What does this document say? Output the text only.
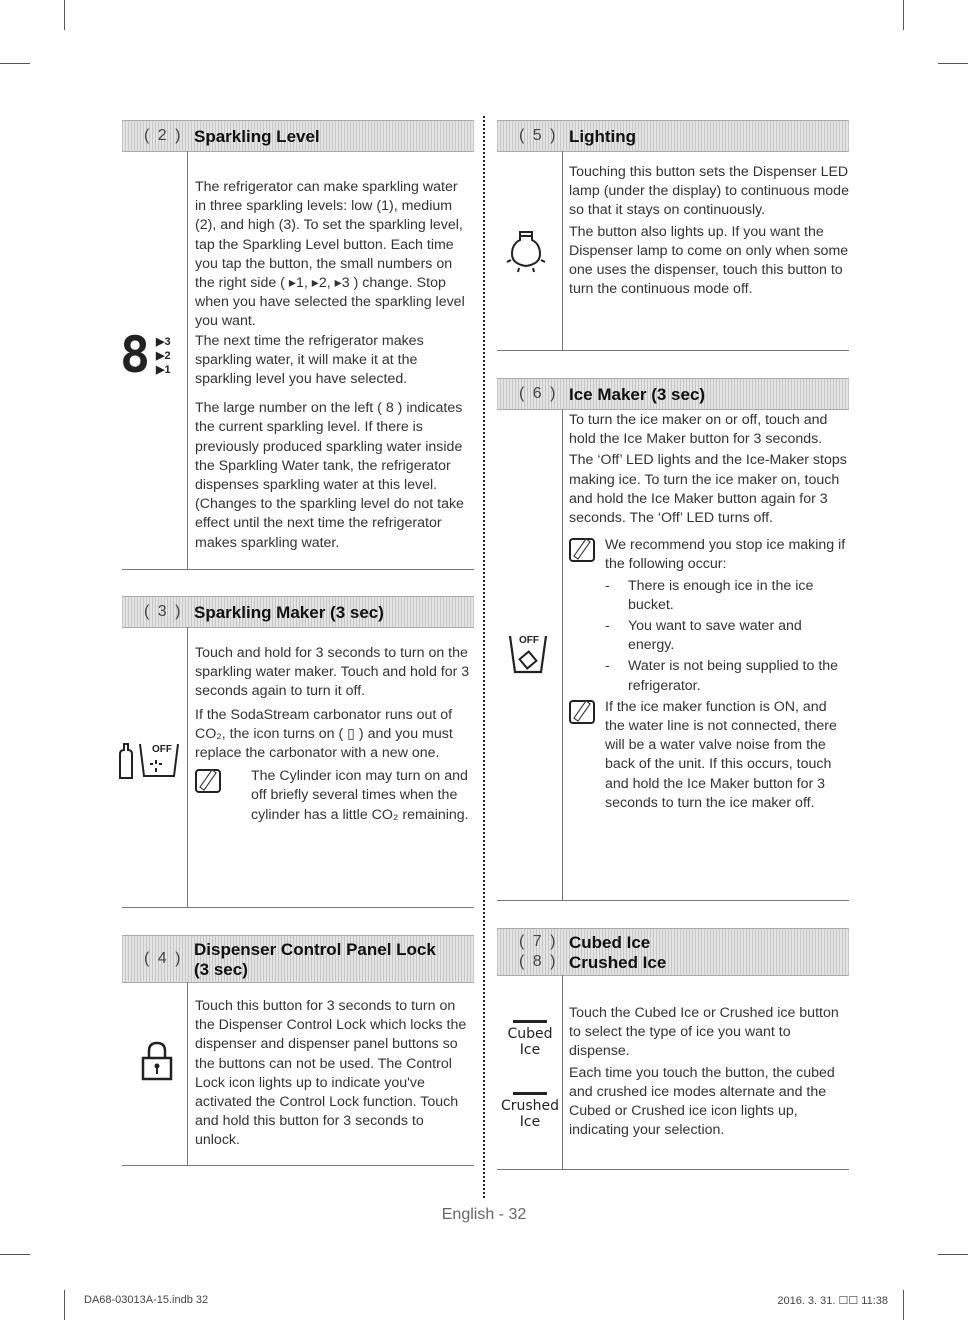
( 2 ) Sparkling Level
8 ▶3
▶2
▶1

The refrigerator can make sparkling water in three sparkling levels: low (1), medium (2), and high (3). To set the sparkling level, tap the Sparkling Level button. Each time you tap the button, the small numbers on the right side ( ▸1, ▸2, ▸3 ) change. Stop when you have selected the sparkling level you want.

The next time the refrigerator makes sparkling water, it will make it at the sparkling level you have selected.

The large number on the left ( 8 ) indicates the current sparkling level. If there is previously produced sparkling water inside the Sparkling Water tank, the refrigerator dispenses sparkling water at this level. (Changes to the sparkling level do not take effect until the next time the refrigerator makes sparkling water.

( 3 ) Sparkling Maker (3 sec)
OFF

Touch and hold for 3 seconds to turn on the sparkling water maker. Touch and hold for 3 seconds again to turn it off.

If the SodaStream carbonator runs out of CO₂, the icon turns on ( ▯ ) and you must replace the carbonator with a new one.

The Cylinder icon may turn on and off briefly several times when the cylinder has a little CO₂ remaining.

( 4 ) Dispenser Control Panel Lock
(3 sec)

Touch this button for 3 seconds to turn on the Dispenser Control Lock which locks the dispenser and dispenser panel buttons so the buttons can not be used. The Control Lock icon lights up to indicate you've activated the Control Lock function. Touch and hold this button for 3 seconds to unlock.

( 5 ) Lighting

Touching this button sets the Dispenser LED lamp (under the display) to continuous mode so that it stays on continuously.

The button also lights up. If you want the Dispenser lamp to come on only when some one uses the dispenser, touch this button to turn the continuous mode off.

( 6 ) Ice Maker (3 sec)
OFF

To turn the ice maker on or off, touch and hold the Ice Maker button for 3 seconds.

The ‘Off’ LED lights and the Ice-Maker stops making ice. To turn the ice maker on, touch and hold the Ice Maker button again for 3 seconds. The ‘Off’ LED turns off.

We recommend you stop ice making if the following occur:

- There is enough ice in the ice bucket.
- You want to save water and energy.
- Water is not being supplied to the refrigerator.

If the ice maker function is ON, and the water line is not connected, there will be a water valve noise from the back of the unit. If this occurs, touch and hold the Ice Maker button for 3 seconds to turn the ice maker off.

( 7 ) Cubed Ice
( 8 ) Crushed Ice
Cubed
Ice
Crushed
Ice

Touch the Cubed Ice or Crushed ice button to select the type of ice you want to dispense.

Each time you touch the button, the cubed and crushed ice modes alternate and the Cubed or Crushed ice icon lights up, indicating your selection.

English - 32
DA68-03013A-15.indb 32	2016. 3. 31. ☐☐ 11:38
